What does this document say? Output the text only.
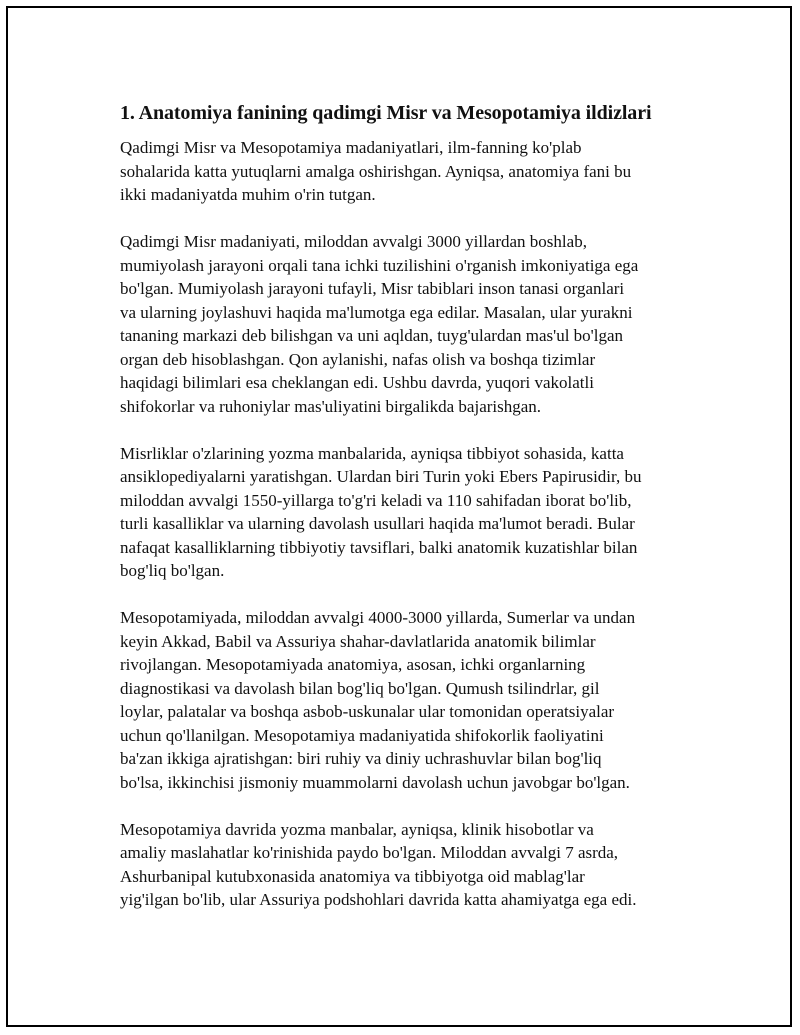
1. Anatomiya fanining qadimgi Misr va Mesopotamiya ildizlari

Qadimgi Misr va Mesopotamiya madaniyatlari, ilm-fanning ko'plab
sohalarida katta yutuqlarni amalga oshirishgan. Ayniqsa, anatomiya fani bu
ikki madaniyatda muhim o'rin tutgan.

Qadimgi Misr madaniyati, miloddan avvalgi 3000 yillardan boshlab,
mumiyolash jarayoni orqali tana ichki tuzilishini o'rganish imkoniyatiga ega
bo'lgan. Mumiyolash jarayoni tufayli, Misr tabiblari inson tanasi organlari
va ularning joylashuvi haqida ma'lumotga ega edilar. Masalan, ular yurakni
tananing markazi deb bilishgan va uni aqldan, tuyg'ulardan mas'ul bo'lgan
organ deb hisoblashgan. Qon aylanishi, nafas olish va boshqa tizimlar
haqidagi bilimlari esa cheklangan edi. Ushbu davrda, yuqori vakolatli
shifokorlar va ruhoniylar mas'uliyatini birgalikda bajarishgan.

Misrliklar o'zlarining yozma manbalarida, ayniqsa tibbiyot sohasida, katta
ansiklopediyalarni yaratishgan. Ulardan biri Turin yoki Ebers Papirusidir, bu
miloddan avvalgi 1550-yillarga to'g'ri keladi va 110 sahifadan iborat bo'lib,
turli kasalliklar va ularning davolash usullari haqida ma'lumot beradi. Bular
nafaqat kasalliklarning tibbiyotiy tavsiflari, balki anatomik kuzatishlar bilan
bog'liq bo'lgan.

Mesopotamiyada, miloddan avvalgi 4000-3000 yillarda, Sumerlar va undan
keyin Akkad, Babil va Assuriya shahar-davlatlarida anatomik bilimlar
rivojlangan. Mesopotamiyada anatomiya, asosan, ichki organlarning
diagnostikasi va davolash bilan bog'liq bo'lgan. Qumush tsilindrlar, gil
loylar, palatalar va boshqa asbob-uskunalar ular tomonidan operatsiyalar
uchun qo'llanilgan. Mesopotamiya madaniyatida shifokorlik faoliyatini
ba'zan ikkiga ajratishgan: biri ruhiy va diniy uchrashuvlar bilan bog'liq
bo'lsa, ikkinchisi jismoniy muammolarni davolash uchun javobgar bo'lgan.

Mesopotamiya davrida yozma manbalar, ayniqsa, klinik hisobotlar va
amaliy maslahatlar ko'rinishida paydo bo'lgan. Miloddan avvalgi 7 asrda,
Ashurbanipal kutubxonasida anatomiya va tibbiyotga oid mablag'lar
yig'ilgan bo'lib, ular Assuriya podshohlari davrida katta ahamiyatga ega edi.
